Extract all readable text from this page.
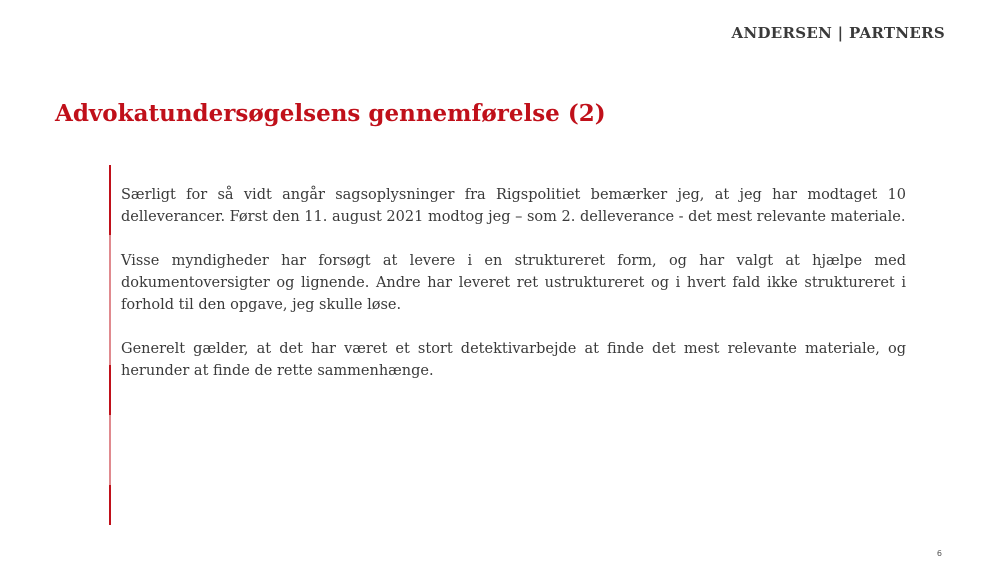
ANDERSEN | PARTNERS
Advokatundersøgelsens gennemførelse (2)

Særligt for så vidt angår sagsoplysninger fra Rigspolitiet bemærker jeg, at jeg har modtaget 10 delleverancer. Først den 11. august 2021 modtog jeg – som 2. delleverance - det mest relevante materiale.

Visse myndigheder har forsøgt at levere i en struktureret form, og har valgt at hjælpe med dokumentoversigter og lignende. Andre har leveret ret ustruktureret og i hvert fald ikke struktureret i forhold til den opgave, jeg skulle løse.

Generelt gælder, at det har været et stort detektivarbejde at finde det mest relevante materiale, og herunder at finde de rette sammenhænge.

6
